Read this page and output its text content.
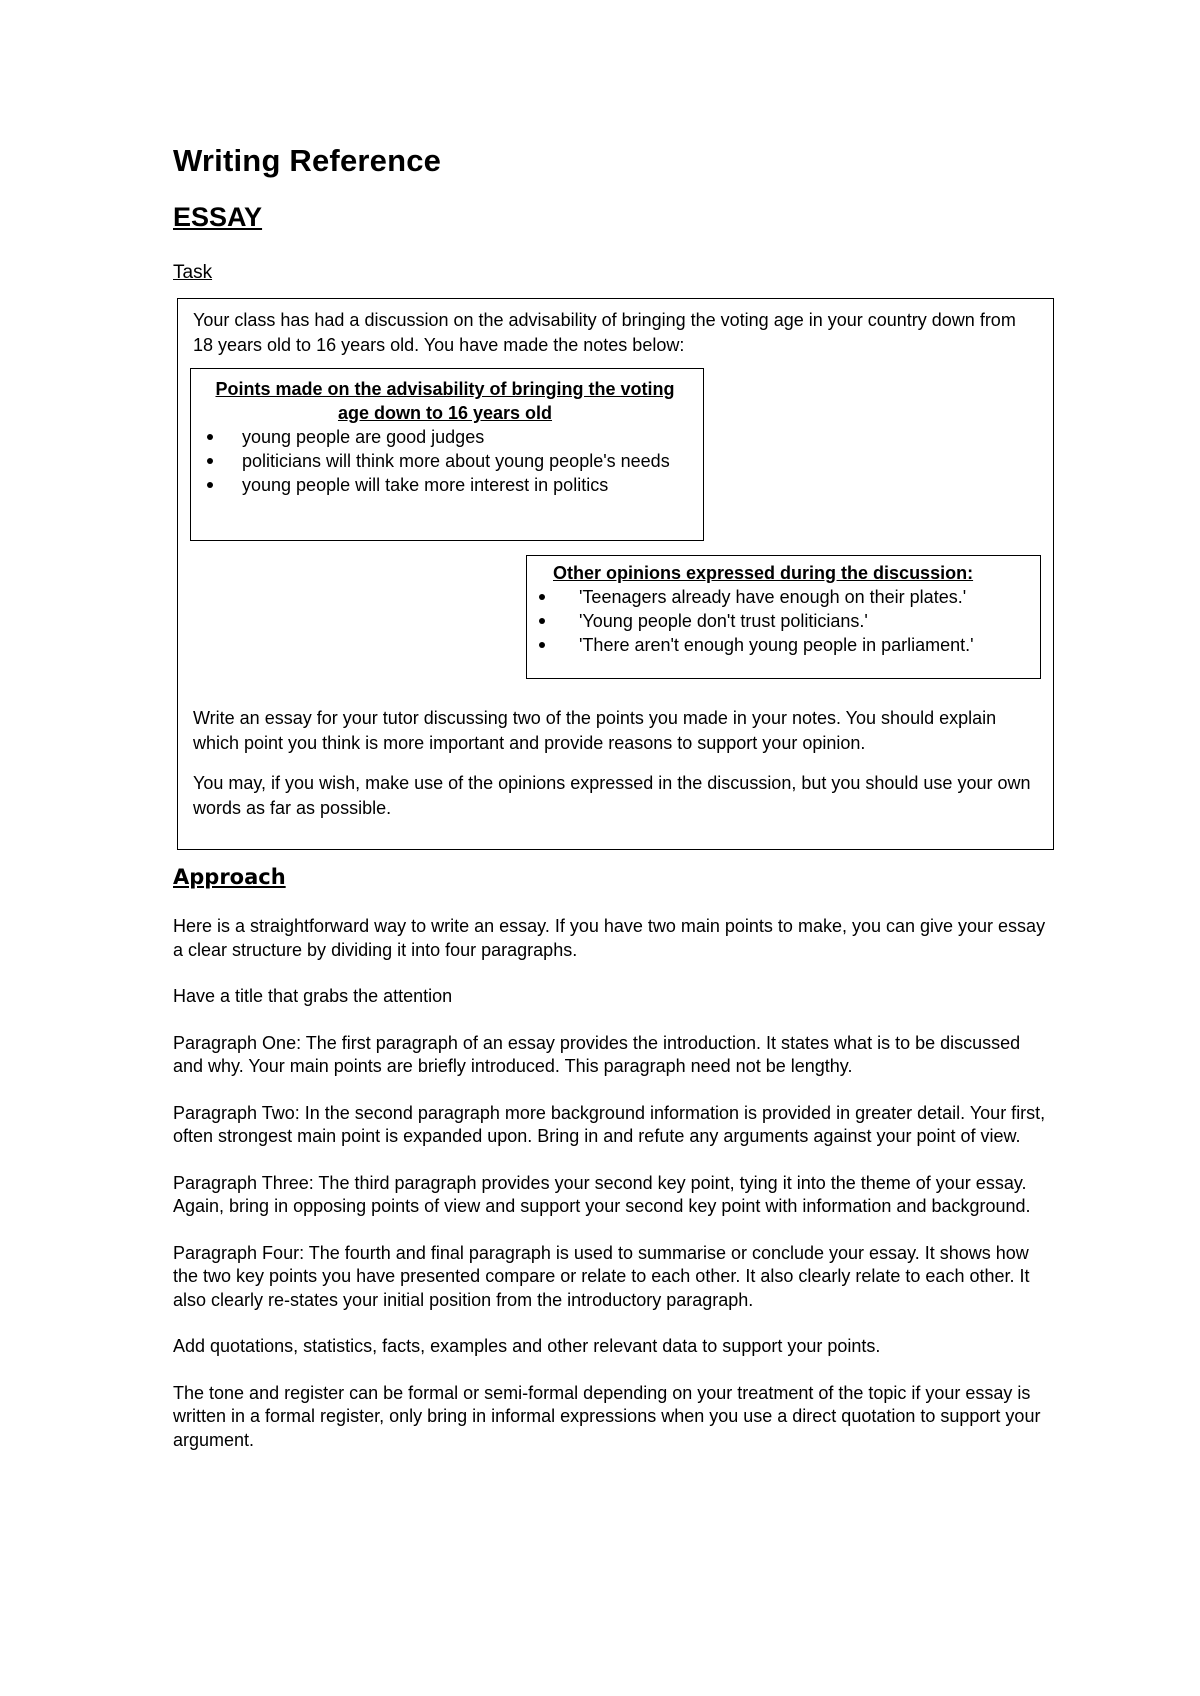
Writing Reference
ESSAY
Task

Your class has had a discussion on the advisability of bringing the voting age in your country down from 18 years old to 16 years old. You have made the notes below:

Points made on the advisability of bringing the voting age down to 16 years old

young people are good judges
politicians will think more about young people's needs
young people will take more interest in politics

Other opinions expressed during the discussion:

'Teenagers already have enough on their plates.'
'Young people don't trust politicians.'
'There aren't enough young people in parliament.'

Write an essay for your tutor discussing two of the points you made in your notes. You should explain which point you think is more important and provide reasons to support your opinion.

You may, if you wish, make use of the opinions expressed in the discussion, but you should use your own words as far as possible.

Approach

Here is a straightforward way to write an essay. If you have two main points to make, you can give your essay a clear structure by dividing it into four paragraphs.

Have a title that grabs the attention

Paragraph One: The first paragraph of an essay provides the introduction. It states what is to be discussed and why. Your main points are briefly introduced. This paragraph need not be lengthy.

Paragraph Two: In the second paragraph more background information is provided in greater detail. Your first, often strongest main point is expanded upon. Bring in and refute any arguments against your point of view.

Paragraph Three: The third paragraph provides your second key point, tying it into the theme of your essay. Again, bring in opposing points of view and support your second key point with information and background.

Paragraph Four: The fourth and final paragraph is used to summarise or conclude your essay. It shows how the two key points you have presented compare or relate to each other. It also clearly relate to each other. It also clearly re-states your initial position from the introductory paragraph.

Add quotations, statistics, facts, examples and other relevant data to support your points.

The tone and register can be formal or semi-formal depending on your treatment of the topic if your essay is written in a formal register, only bring in informal expressions when you use a direct quotation to support your argument.
